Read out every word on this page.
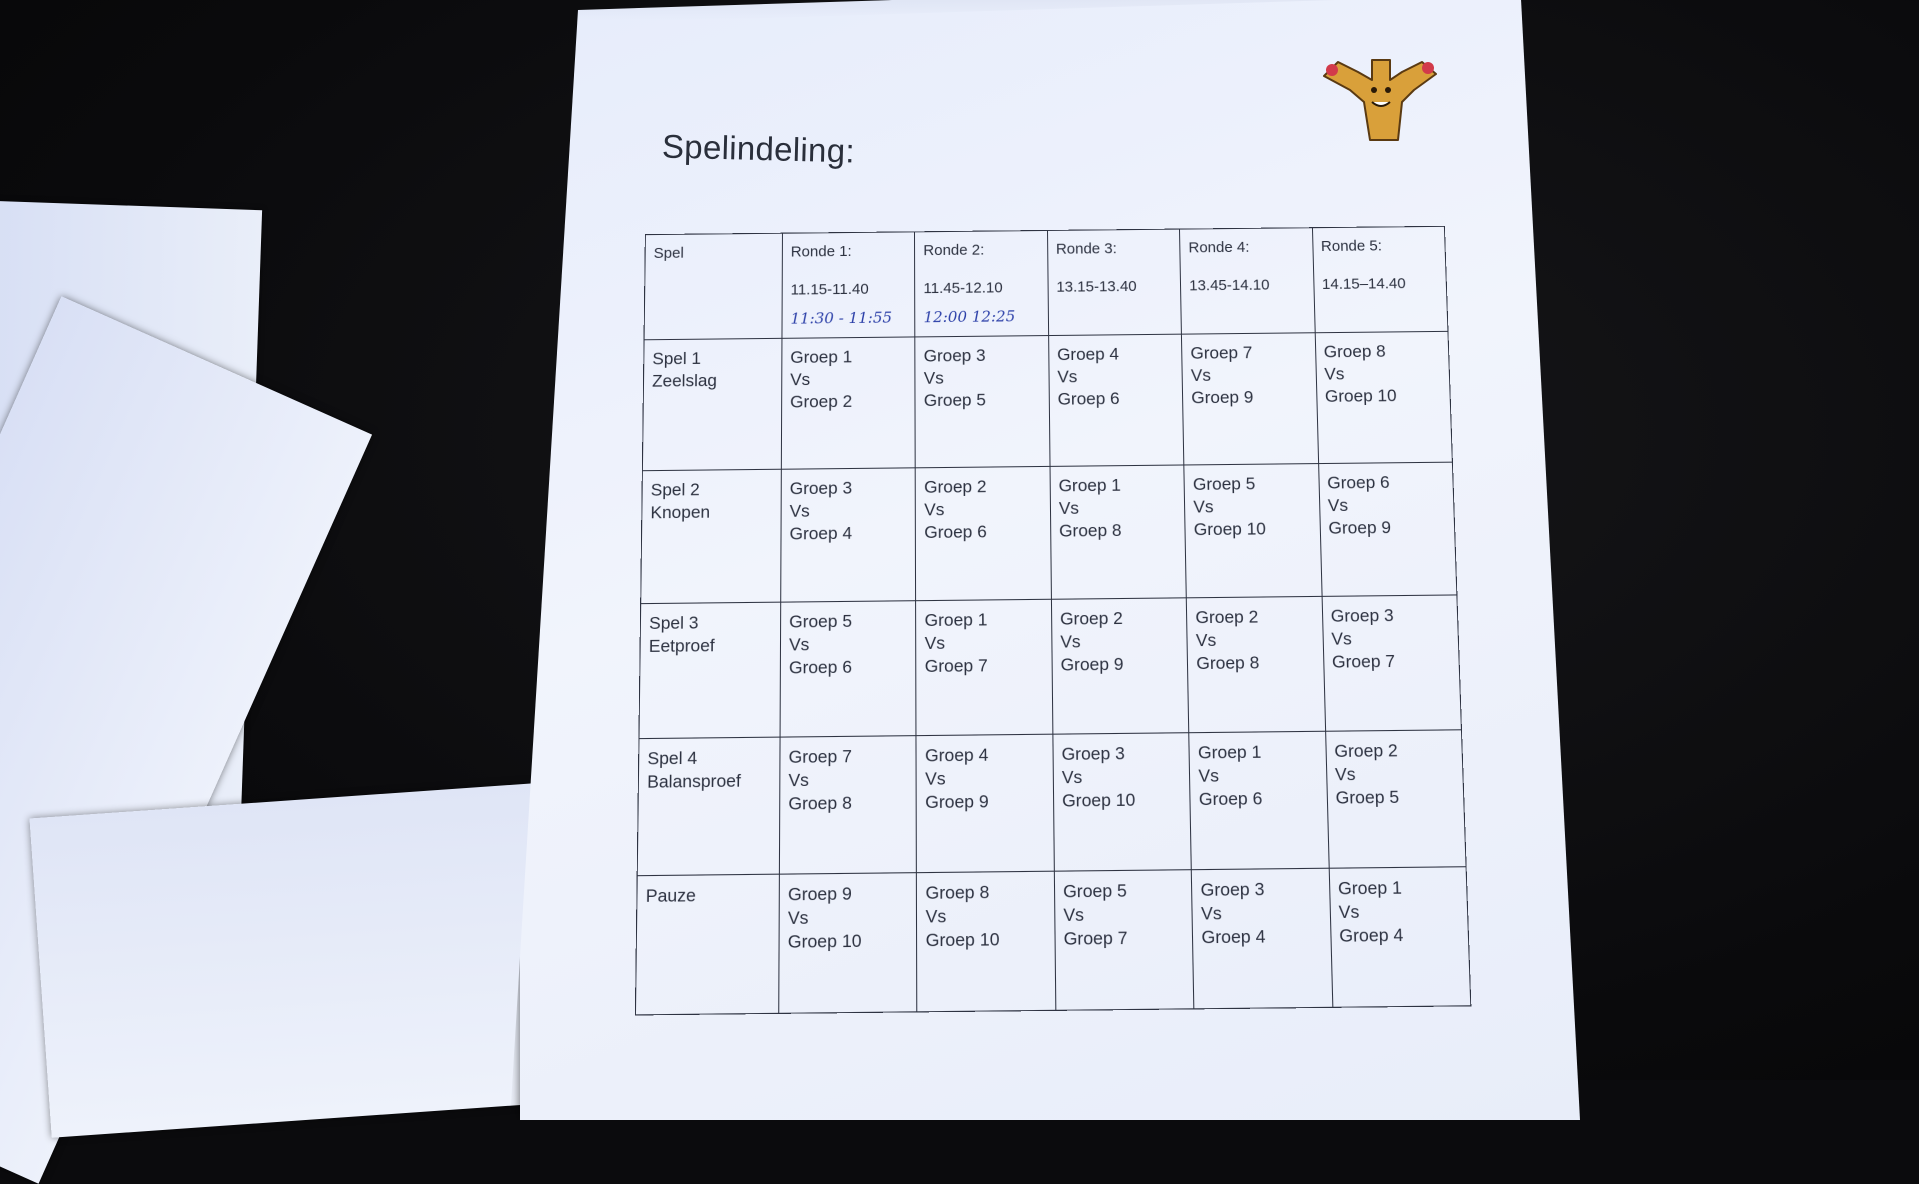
Spelindeling:
Spel	Ronde 1:
11.15-11.40
11:30 - 11:55	Ronde 2:
11.45-12.10
12:00 12:25	Ronde 3:
13.15-13.40	Ronde 4:
13.45-14.10	Ronde 5:
14.15–14.40

Spel 1
Zeelslag	Groep 1
Vs
Groep 2	Groep 3
Vs
Groep 5	Groep 4
Vs
Groep 6	Groep 7
Vs
Groep 9	Groep 8
Vs
Groep 10

Spel 2
Knopen	Groep 3
Vs
Groep 4	Groep 2
Vs
Groep 6	Groep 1
Vs
Groep 8	Groep 5
Vs
Groep 10	Groep 6
Vs
Groep 9

Spel 3
Eetproef	Groep 5
Vs
Groep 6	Groep 1
Vs
Groep 7	Groep 2
Vs
Groep 9	Groep 2
Vs
Groep 8	Groep 3
Vs
Groep 7

Spel 4
Balansproef	Groep 7
Vs
Groep 8	Groep 4
Vs
Groep 9	Groep 3
Vs
Groep 10	Groep 1
Vs
Groep 6	Groep 2
Vs
Groep 5

Pauze	Groep 9
Vs
Groep 10	Groep 8
Vs
Groep 10	Groep 5
Vs
Groep 7	Groep 3
Vs
Groep 4	Groep 1
Vs
Groep 4
